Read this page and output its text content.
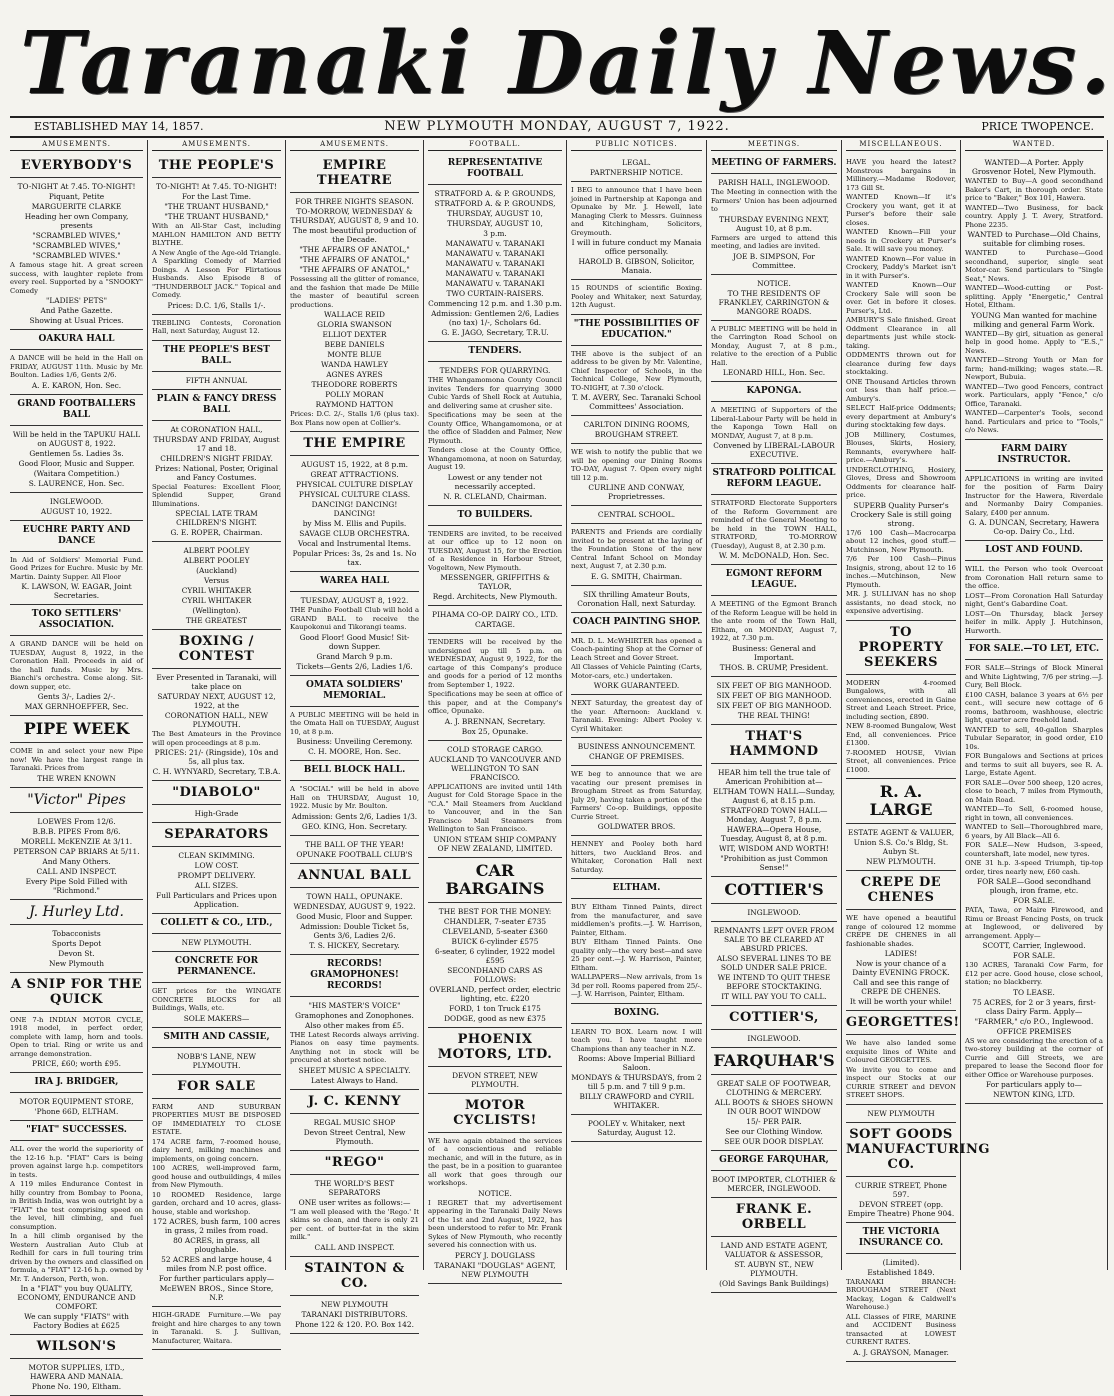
Taranaki Daily News.
ESTABLISHED MAY 14, 1857.	NEW PLYMOUTH MONDAY, AUGUST 7, 1922.	PRICE TWOPENCE.
AMUSEMENTS.

EVERYBODY'S

TO-NIGHT At 7.45. TO-NIGHT!

Piquant, Petite

MARGUERITE CLARKE

Heading her own Company, presents

"SCRAMBLED WIVES,"

"SCRAMBLED WIVES,"

"SCRAMBLED WIVES."

A famous stage hit. A great screen success, with laughter replete from every reel. Supported by a "SNOOKY" Comedy

"LADIES' PETS"

And Pathe Gazette.

Showing at Usual Prices.

OAKURA HALL

A DANCE will be held in the Hall on FRIDAY, AUGUST 11th. Music by Mr. Boulton. Ladies 1/6, Gents 2/6.

A. E. KARON, Hon. Sec.

GRAND FOOTBALLERS BALL

Will be held in the TAPUKU HALL on AUGUST 8, 1922.

Gentlemen 5s. Ladies 3s.

Good Floor, Music and Supper.

(Waitara Competition.)

S. LAURENCE, Hon. Sec.

INGLEWOOD.

AUGUST 10, 1922.

EUCHRE PARTY AND DANCE

In Aid of Soldiers' Memorial Fund. Good Prizes for Euchre. Music by Mr. Martin. Dainty Supper. All Floor

K. LAWSON, W. EAGAR, Joint Secretaries.

TOKO SETTLERS' ASSOCIATION.

A GRAND DANCE will be held on TUESDAY, August 8, 1922, in the Coronation Hall. Proceeds in aid of the hall funds. Music by Mrs. Bianchi's orchestra. Come along. Sit-down supper, etc.

Gents 3/-, Ladies 2/-.

MAX GERNHOEFFER, Sec.

PIPE WEEK

COME in and select your new Pipe now! We have the largest range in Taranaki. Prices from

THE WREN KNOWN

"Victor" Pipes

LOEWES From 12/6.

B.B.B. PIPES From 8/6.

MORELL McKENZIE At 3/11.

PETERSON CAP BRIARS At 5/11.

And Many Others.

CALL AND INSPECT.

Every Pipe Sold Filled with "Richmond."

J. Hurley Ltd.

Tobacconists

Sports Depot

Devon St.

New Plymouth

A SNIP FOR THE QUICK

ONE 7-h INDIAN MOTOR CYCLE, 1918 model, in perfect order, complete with lamp, horn and tools. Open to trial. Ring or write us and arrange demonstration.

PRICE, £60; worth £95.

IRA J. BRIDGER,

MOTOR EQUIPMENT STORE,

'Phone 66D, ELTHAM.

"FIAT" SUCCESSES.

ALL over the world the superiority of the 12-16 h.p. "FIAT" Cars is being proven against large h.p. competitors in tests.

A 119 miles Endurance Contest in hilly country from Bombay to Poona, in British India, was won outright by a "FIAT" the test comprising speed on the level, hill climbing, and fuel consumption.

In a hill climb organised by the Western Australian Auto Club at Redhill for cars in full touring trim driven by the owners and classified on formula, a "FIAT" 12-16 h.p. owned by Mr. T. Anderson, Perth, won.

In a "FIAT" you buy QUALITY, ECONOMY, ENDURANCE AND COMFORT.

We can supply "FIATS" with Factory Bodies at £625

WILSON'S

MOTOR SUPPLIES, LTD., HAWERA AND MANAIA.

Phone No. 190, Eltham.

AMUSEMENTS.

THE PEOPLE'S

TO-NIGHT! At 7.45. TO-NIGHT!

For the Last Time.

"THE TRUANT HUSBAND,"

"THE TRUANT HUSBAND,"

With an All-Star Cast, including MAHLON HAMILTON AND BETTY BLYTHE.

A New Angle of the Age-old Triangle. A Sparkling Comedy of Married Doings. A Lesson For Flirtatious Husbands. Also Episode 8 of "THUNDERBOLT JACK." Topical and Comedy.

Prices: D.C. 1/6, Stalls 1/-.

TREBLING Contests, Coronation Hall, next Saturday, August 12.

THE PEOPLE'S BEST BALL.

FIFTH ANNUAL

PLAIN & FANCY DRESS BALL

At CORONATION HALL,

THURSDAY AND FRIDAY, August 17 and 18.

CHILDREN'S NIGHT FRIDAY.

Prizes: National, Poster, Original and Fancy Costumes.

Special Features: Excellent Floor, Splendid Supper, Grand Illuminations.

SPECIAL LATE TRAM CHILDREN'S NIGHT.

G. E. ROPER, Chairman.

ALBERT POOLEY

ALBERT POOLEY

(Auckland)

Versus

CYRIL WHITAKER

CYRIL WHITAKER

(Wellington).

THE GREATEST

BOXING / CONTEST

Ever Presented in Taranaki, will take place on

SATURDAY NEXT, AUGUST 12, 1922, at the

CORONATION HALL, NEW PLYMOUTH.

The Best Amateurs in the Province will open proceedings at 8 p.m.

PRICES: 21/- (Ringside), 10s and 5s, all plus tax.

C. H. WYNYARD, Secretary, T.B.A.

"DIABOLO"

High-Grade

SEPARATORS

CLEAN SKIMMING.

LOW COST.

PROMPT DELIVERY.

ALL SIZES.

Full Particulars and Prices upon Application.

COLLETT & CO., LTD.,

NEW PLYMOUTH.

CONCRETE FOR PERMANENCE.

GET prices for the WINGATE CONCRETE BLOCKS for all Buildings, Walls, etc.

SOLE MAKERS—

SMITH AND CASSIE,

NOBB'S LANE, NEW PLYMOUTH.

FOR SALE

FARM AND SUBURBAN PROPERTIES MUST BE DISPOSED OF IMMEDIATELY TO CLOSE ESTATE.

174 ACRE farm, 7-roomed house, dairy herd, milking machines and implements, on going concern.

100 ACRES, well-improved farm, good house and outbuildings, 4 miles from New Plymouth.

10 ROOMED Residence, large garden, orchard and 10 acres, glass-house, stable and workshop.

172 ACRES, bush farm, 100 acres in grass, 2 miles from road.

80 ACRES, in grass, all ploughable.

52 ACRES and large house, 4 miles from N.P. post office.

For further particulars apply—

McEWEN BROS., Since Store, N.P.

HIGH-GRADE Furniture.—We pay freight and hire charges to any town in Taranaki. S. J. Sullivan, Manufacturer, Waitara.

AMUSEMENTS.

EMPIRE THEATRE

FOR THREE NIGHTS SEASON.

TO-MORROW, WEDNESDAY & THURSDAY, AUGUST 8, 9 and 10.

The most beautiful production of the Decade.

"THE AFFAIRS OF ANATOL,"

"THE AFFAIRS OF ANATOL,"

"THE AFFAIRS OF ANATOL,"

Possessing all the glitter of romance, and the fashion that made De Mille the master of beautiful screen productions.

WALLACE REID

GLORIA SWANSON

ELLIOT DEXTER

BEBE DANIELS

MONTE BLUE

WANDA HAWLEY

AGNES AYRES

THEODORE ROBERTS

POLLY MORAN

RAYMOND HATTON

Prices: D.C. 2/-, Stalls 1/6 (plus tax). Box Plans now open at Collier's.

THE EMPIRE

AUGUST 15, 1922, at 8 p.m.

GREAT ATTRACTIONS.

PHYSICAL CULTURE DISPLAY

PHYSICAL CULTURE CLASS.

DANCING! DANCING! DANCING!

by Miss M. Ellis and Pupils.

SAVAGE CLUB ORCHESTRA.

Vocal and Instrumental Items.

Popular Prices: 3s, 2s and 1s. No tax.

WAREA HALL

TUESDAY, AUGUST 8, 1922.

THE Puniho Football Club will hold a GRAND BALL to receive the Kaupokonui and Tikorangi teams.

Good Floor! Good Music! Sit-down Supper.

Grand March 9 p.m.

Tickets—Gents 2/6, Ladies 1/6.

OMATA SOLDIERS' MEMORIAL.

A PUBLIC MEETING will be held in the Omata Hall on TUESDAY, August 10, at 8 p.m.

Business: Unveiling Ceremony.

C. H. MOORE, Hon. Sec.

BELL BLOCK HALL.

A "SOCIAL" will be held in above Hall on THURSDAY, August 10, 1922. Music by Mr. Boulton.

Admission: Gents 2/6, Ladies 1/3.

GEO. KING, Hon. Secretary.

THE BALL OF THE YEAR!

OPUNAKE FOOTBALL CLUB'S

ANNUAL BALL

TOWN HALL, OPUNAKE.

WEDNESDAY, AUGUST 9, 1922.

Good Music, Floor and Supper.

Admission: Double Ticket 5s, Gents 3/6, Ladies 2/6.

T. S. HICKEY, Secretary.

RECORDS! GRAMOPHONES! RECORDS!

"HIS MASTER'S VOICE"

Gramophones and Zonophones.

Also other makes from £5.

THE Latest Records always arriving. Pianos on easy time payments. Anything not in stock will be procured at shortest notice.

SHEET MUSIC A SPECIALTY.

Latest Always to Hand.

J. C. KENNY

REGAL MUSIC SHOP

Devon Street Central, New Plymouth.

"REGO"

THE WORLD'S BEST SEPARATORS

ONE user writes as follows:—

"I am well pleased with the 'Rego.' It skims so clean, and there is only 21 per cent. of butter-fat in the skim milk."

CALL AND INSPECT.

STAINTON & CO.

NEW PLYMOUTH

TARANAKI DISTRIBUTORS.

Phone 122 & 120. P.O. Box 142.

FOOTBALL.

REPRESENTATIVE FOOTBALL

STRATFORD A. & P. GROUNDS,

STRATFORD A. & P. GROUNDS,

THURSDAY, AUGUST 10,

THURSDAY, AUGUST 10,

3 p.m.

MANAWATU v. TARANAKI

MANAWATU v. TARANAKI

MANAWATU v. TARANAKI

MANAWATU v. TARANAKI

MANAWATU v. TARANAKI

TWO CURTAIN-RAISERS.

Commencing 12 p.m. and 1.30 p.m.

Admission: Gentlemen 2/6, Ladies (no tax) 1/-, Scholars 6d.

G. E. JAGO, Secretary, T.R.U.

TENDERS.

TENDERS FOR QUARRYING.

THE Whangamomona County Council invites Tenders for quarrying 3000 Cubic Yards of Shell Rock at Autuhia, and delivering same at crusher site.

Specifications may be seen at the County Office, Whangamomona, or at the office of Sladden and Palmer, New Plymouth.

Tenders close at the County Office, Whangamomona, at noon on Saturday, August 19.

Lowest or any tender not necessarily accepted.

N. R. CLELAND, Chairman.

TO BUILDERS.

TENDERS are invited, to be received at our office up to 12 noon on TUESDAY, August 15, for the Erection of a Residence in Harbour Street, Vogeltown, New Plymouth.

MESSENGER, GRIFFITHS & TAYLOR,

Regd. Architects, New Plymouth.

PIHAMA CO-OP. DAIRY CO., LTD.

CARTAGE.

TENDERS will be received by the undersigned up till 5 p.m. on WEDNESDAY, August 9, 1922, for the cartage of this Company's produce and goods for a period of 12 months from September 1, 1922.

Specifications may be seen at office of this paper, and at the Company's office, Opunake.

A. J. BRENNAN, Secretary.

Box 25, Opunake.

COLD STORAGE CARGO.

AUCKLAND TO VANCOUVER AND WELLINGTON TO SAN FRANCISCO.

APPLICATIONS are invited until 14th August for Cold Storage Space in the "C.A." Mail Steamers from Auckland to Vancouver, and in the San Francisco Mail Steamers from Wellington to San Francisco.

UNION STEAM SHIP COMPANY OF NEW ZEALAND, LIMITED.

CAR BARGAINS

THE BEST FOR THE MONEY:

CHANDLER, 7-seater £735

CLEVELAND, 5-seater £360

BUICK 6-cylinder £575

6-seater, 6 cylinder, 1922 model £595

SECONDHAND CARS AS FOLLOWS:

OVERLAND, perfect order, electric lighting, etc. £220

FORD, 1 ton Truck £175

DODGE, good as new £375

PHOENIX MOTORS, LTD.

DEVON STREET, NEW PLYMOUTH.

MOTOR CYCLISTS!

WE have again obtained the services of a conscientious and reliable mechanic, and will in the future, as in the past, be in a position to guarantee all work that goes through our workshops.

NOTICE.

I REGRET that my advertisement appearing in the Taranaki Daily News of the 1st and 2nd August, 1922, has been understood to refer to Mr. Frank Sykes of New Plymouth, who recently severed his connection with us.

PERCY J. DOUGLASS

TARANAKI "DOUGLAS" AGENT, NEW PLYMOUTH

PUBLIC NOTICES.

LEGAL.

PARTNERSHIP NOTICE.

I BEG to announce that I have been joined in Partnership at Kaponga and Opunake by Mr. J. Hewell, late Managing Clerk to Messrs. Guinness and Kitchingham, Solicitors, Greymouth.

I will in future conduct my Manaia office personally.

HAROLD B. GIBSON, Solicitor, Manaia.

15 ROUNDS of scientific Boxing. Pooley and Whitaker, next Saturday, 12th August.

"THE POSSIBILITIES OF EDUCATION."

THE above is the subject of an address to be given by Mr. Valentine, Chief Inspector of Schools, in the Technical College, New Plymouth, TO-NIGHT, at 7.30 o'clock.

T. M. AVERY, Sec. Taranaki School Committees' Association.

CARLTON DINING ROOMS,

BROUGHAM STREET.

WE wish to notify the public that we will be opening our Dining Rooms TO-DAY, August 7. Open every night till 12 p.m.

CURLINE AND CONWAY, Proprietresses.

CENTRAL SCHOOL.

PARENTS and Friends are cordially invited to be present at the laying of the Foundation Stone of the new Central Infant School on Monday next, August 7, at 2.30 p.m.

E. G. SMITH, Chairman.

SIX thrilling Amateur Bouts, Coronation Hall, next Saturday.

COACH PAINTING SHOP.

MR. D. L. McWHIRTER has opened a Coach-painting Shop at the Corner of Leach Street and Gover Street.

All Classes of Vehicle Painting (Carts, Motor-cars, etc.) undertaken.

WORK GUARANTEED.

NEXT Saturday, the greatest day of the year. Afternoon: Auckland v. Taranaki. Evening: Albert Pooley v. Cyril Whitaker.

BUSINESS ANNOUNCEMENT.

CHANGE OF PREMISES.

WE beg to announce that we are vacating our present premises in Brougham Street as from Saturday, July 29, having taken a portion of the Farmers' Co-op. Buildings, opposite Currie Street.

GOLDWATER BROS.

HENNEY and Pooley both hard hitters, two Auckland Bros. and Whitaker, Coronation Hall next Saturday.

ELTHAM.

BUY Eltham Tinned Paints, direct from the manufacturer, and save middlemen's profits.—J. W. Harrison, Painter, Eltham.

BUY Eltham Tinned Paints. One quality only—the very best—and save 25 per cent.—J. W. Harrison, Painter, Eltham.

WALLPAPERS—New arrivals, from 1s 3d per roll. Rooms papered from 25/-.—J. W. Harrison, Painter, Eltham.

BOXING.

LEARN TO BOX. Learn now. I will teach you. I have taught more Champions than any teacher in N.Z.

Rooms: Above Imperial Billiard Saloon.

MONDAYS & THURSDAYS, from 2 till 5 p.m. and 7 till 9 p.m.

BILLY CRAWFORD and CYRIL WHITAKER.

POOLEY v. Whitaker, next Saturday, August 12.

MEETINGS.

MEETING OF FARMERS.

PARISH HALL, INGLEWOOD.

The Meeting in connection with the Farmers' Union has been adjourned to

THURSDAY EVENING NEXT, August 10, at 8 p.m.

Farmers are urged to attend this meeting, and ladies are invited.

JOE B. SIMPSON, For Committee.

NOTICE.

TO THE RESIDENTS OF FRANKLEY, CARRINGTON & MANGORE ROADS.

A PUBLIC MEETING will be held in the Carrington Road School on Monday, August 7, at 8 p.m., relative to the erection of a Public Hall.

LEONARD HILL, Hon. Sec.

KAPONGA.

A MEETING of Supporters of the Liberal-Labour Party will be held in the Kaponga Town Hall on MONDAY, August 7, at 8 p.m.

Convened by LIBERAL-LABOUR EXECUTIVE.

STRATFORD POLITICAL REFORM LEAGUE.

STRATFORD Electorate Supporters of the Reform Government are reminded of the General Meeting to be held in the TOWN HALL, STRATFORD, TO-MORROW (Tuesday), August 8, at 2.30 p.m.

W. M. McDONALD, Hon. Sec.

EGMONT REFORM LEAGUE.

A MEETING of the Egmont Branch of the Reform League will be held in the ante room of the Town Hall, Eltham, on MONDAY, August 7, 1922, at 7.30 p.m.

Business: General and Important.

THOS. B. CRUMP, President.

SIX FEET OF BIG MANHOOD.

SIX FEET OF BIG MANHOOD.

SIX FEET OF BIG MANHOOD.

THE REAL THING!

THAT'S HAMMOND

HEAR him tell the true tale of American Prohibition at—

ELTHAM TOWN HALL—Sunday, August 6, at 8.15 p.m.

STRATFORD TOWN HALL—Monday, August 7, 8 p.m.

HAWERA—Opera House, Tuesday, August 8, at 8 p.m.

WIT, WISDOM AND WORTH!

"Prohibition as just Common Sense!"

COTTIER'S

INGLEWOOD.

REMNANTS LEFT OVER FROM SALE TO BE CLEARED AT ABSURD PRICES.

ALSO SEVERAL LINES TO BE SOLD UNDER SALE PRICE.

WE INTEND TO QUIT THESE BEFORE STOCKTAKING.

IT WILL PAY YOU TO CALL.

COTTIER'S,

INGLEWOOD.

FARQUHAR'S

GREAT SALE OF FOOTWEAR, CLOTHING & MERCERY.

ALL BOOTS & SHOES SHOWN IN OUR BOOT WINDOW

15/- PER PAIR.

See our Clothing Window.

SEE OUR DOOR DISPLAY.

GEORGE FARQUHAR,

BOOT IMPORTER, CLOTHIER & MERCER, INGLEWOOD.

FRANK E. ORBELL

LAND AND ESTATE AGENT, VALUATOR & ASSESSOR,

ST. AUBYN ST., NEW PLYMOUTH.

(Old Savings Bank Buildings)

MISCELLANEOUS.

HAVE you heard the latest? Monstrous bargains in Millinery.—Madame Rodover, 173 Gill St.

WANTED Known—If it's Crockery you want, get it at Purser's before their sale closes.

WANTED Known—Fill your needs in Crockery at Purser's Sale. It will save you money.

WANTED Known—For value in Crockery, Paddy's Market isn't in it with Purser's.

WANTED Known—Our Crockery Sale will soon be over. Get in before it closes. Purser's, Ltd.

AMBURY'S Sale finished. Great Oddment Clearance in all departments just while stock-taking.

ODDMENTS thrown out for clearance during few days stocktaking.

ONE Thousand Articles thrown out less than half price.—Ambury's.

SELECT Half-price Oddments; every department at Ambury's during stocktaking few days.

JOB Millinery, Costumes, Blouses, Skirts, Hosiery, Remnants, everywhere half-price.—Ambury's.

UNDERCLOTHING, Hosiery, Gloves, Dress and Showroom Oddments for clearance half-price.

SUPERB Quality Purser's Crockery Sale is still going strong.

17/6 100 Cash—Macrocarpa about 12 inches, good stuff.—Mutchinson, New Plymouth.

7/6 Per 100 Cash—Pinus Insignis, strong, about 12 to 16 inches.—Mutchinson, New Plymouth.

MR. J. SULLIVAN has no shop assistants, no dead stock, no expensive advertising.

TO PROPERTY SEEKERS

MODERN 4-roomed Bungalows, with all conveniences, erected in Gaine Street and Leach Street. Price, including section, £890.

NEW 8-roomed Bungalow, West End, all conveniences. Price £1300.

7-ROOMED HOUSE, Vivian Street, all conveniences. Price £1000.

R. A. LARGE

ESTATE AGENT & VALUER,

Union S.S. Co.'s Bldg, St. Aubyn St.

NEW PLYMOUTH.

CREPE DE CHENES

WE have opened a beautiful range of coloured 12 momme CREPE DE CHENES in all fashionable shades.

LADIES!

Now is your chance of a Dainty EVENING FROCK.

Call and see this range of CREPE DE CHENES.

It will be worth your while!

GEORGETTES!

We have also landed some exquisite lines of White and Coloured GEORGETTES.

We invite you to come and inspect our Stocks at our CURRIE STREET and DEVON STREET SHOPS.

NEW PLYMOUTH

SOFT GOODS MANUFACTURING CO.

CURRIE STREET, Phone 597.

DEVON STREET (opp. Empire Theatre) Phone 904.

THE VICTORIA INSURANCE CO.

(Limited).

Established 1849.

TARANAKI BRANCH: BROUGHAM STREET (Next Mackay, Logan & Caldwell's Warehouse.)

ALL Classes of FIRE, MARINE and ACCIDENT Business transacted at LOWEST CURRENT RATES.

A. J. GRAYSON, Manager.

WANTED.

WANTED—A Porter. Apply Grosvenor Hotel, New Plymouth.

WANTED to Buy—A good secondhand Baker's Cart, in thorough order. State price to "Baker," Box 101, Hawera.

WANTED—Two Business, for back country. Apply J. T. Avery, Stratford. Phone 2235.

WANTED to Purchase—Old Chains, suitable for climbing roses.

WANTED to Purchase—Good secondhand, superior, single seat Motor-car. Send particulars to "Single Seat," News.

WANTED—Wood-cutting or Post-splitting. Apply "Energetic," Central Hotel, Eltham.

YOUNG Man wanted for machine milking and general Farm Work.

WANTED—By girl, situation as general help in good home. Apply to "E.S.," News.

WANTED—Strong Youth or Man for farm; hand-milking; wages state.—R. Newport, Bubuia.

WANTED—Two good Fencers, contract work. Particulars, apply "Fence," c/o Office, Taranaki.

WANTED—Carpenter's Tools, second hand. Particulars and price to "Tools," c/o News.

FARM DAIRY INSTRUCTOR.

APPLICATIONS in writing are invited for the position of Farm Dairy Instructor for the Hawera, Riverdale and Normanby Dairy Companies. Salary, £400 per annum.

G. A. DUNCAN, Secretary, Hawera Co-op. Dairy Co., Ltd.

LOST AND FOUND.

WILL the Person who took Overcoat from Coronation Hall return same to the office.

LOST—From Coronation Hall Saturday night, Gent's Gabardine Coat.

LOST—On Thursday, black Jersey heifer in milk. Apply J. Hutchinson, Hurworth.

FOR SALE.—TO LET, ETC.

FOR SALE—Strings of Block Mineral and White Lightwing, 7/6 per string.—J. Cury, Bell Block.

£100 CASH, balance 3 years at 6½ per cent., will secure new cottage of 6 rooms, bathroom, washhouse, electric light, quarter acre freehold land.

WANTED to sell, 40-gallon Sharples Tubular Separator, in good order, £10 10s.

FOR Bungalows and Sections at prices and terms to suit all buyers, see R. A. Large, Estate Agent.

FOR SALE—Over 500 sheep, 120 acres, close to beach, 7 miles from Plymouth, on Main Road.

WANTED—To Sell, 6-roomed house, right in town, all conveniences.

WANTED to Sell—Thoroughbred mare, 6 years, by All Black—All 6.

FOR SALE—New Hudson, 3-speed, countershaft, late model, new tyres.

ONE 31 h.p. 3-speed Triumph, tip-top order, tires nearly new, £60 cash.

FOR SALE—Good secondhand plough, iron frame, etc.

FOR SALE.

PATA, Tawa, or Maire Firewood, and Rimu or Breast Fencing Posts, on truck at Inglewood, or delivered by arrangement. Apply—

SCOTT, Carrier, Inglewood.

FOR SALE.

130 ACRES, Taranaki Cow Farm, for £12 per acre. Good house, close school, station; no blackberry.

TO LEASE.

75 ACRES, for 2 or 3 years, first-class Dairy Farm. Apply—

"FARMER," c/o P.O., Inglewood.

OFFICE PREMISES

AS we are considering the erection of a two-storey building at the corner of Currie and Gill Streets, we are prepared to lease the Second floor for either Office or Warehouse purposes.

For particulars apply to—

NEWTON KING, LTD.
